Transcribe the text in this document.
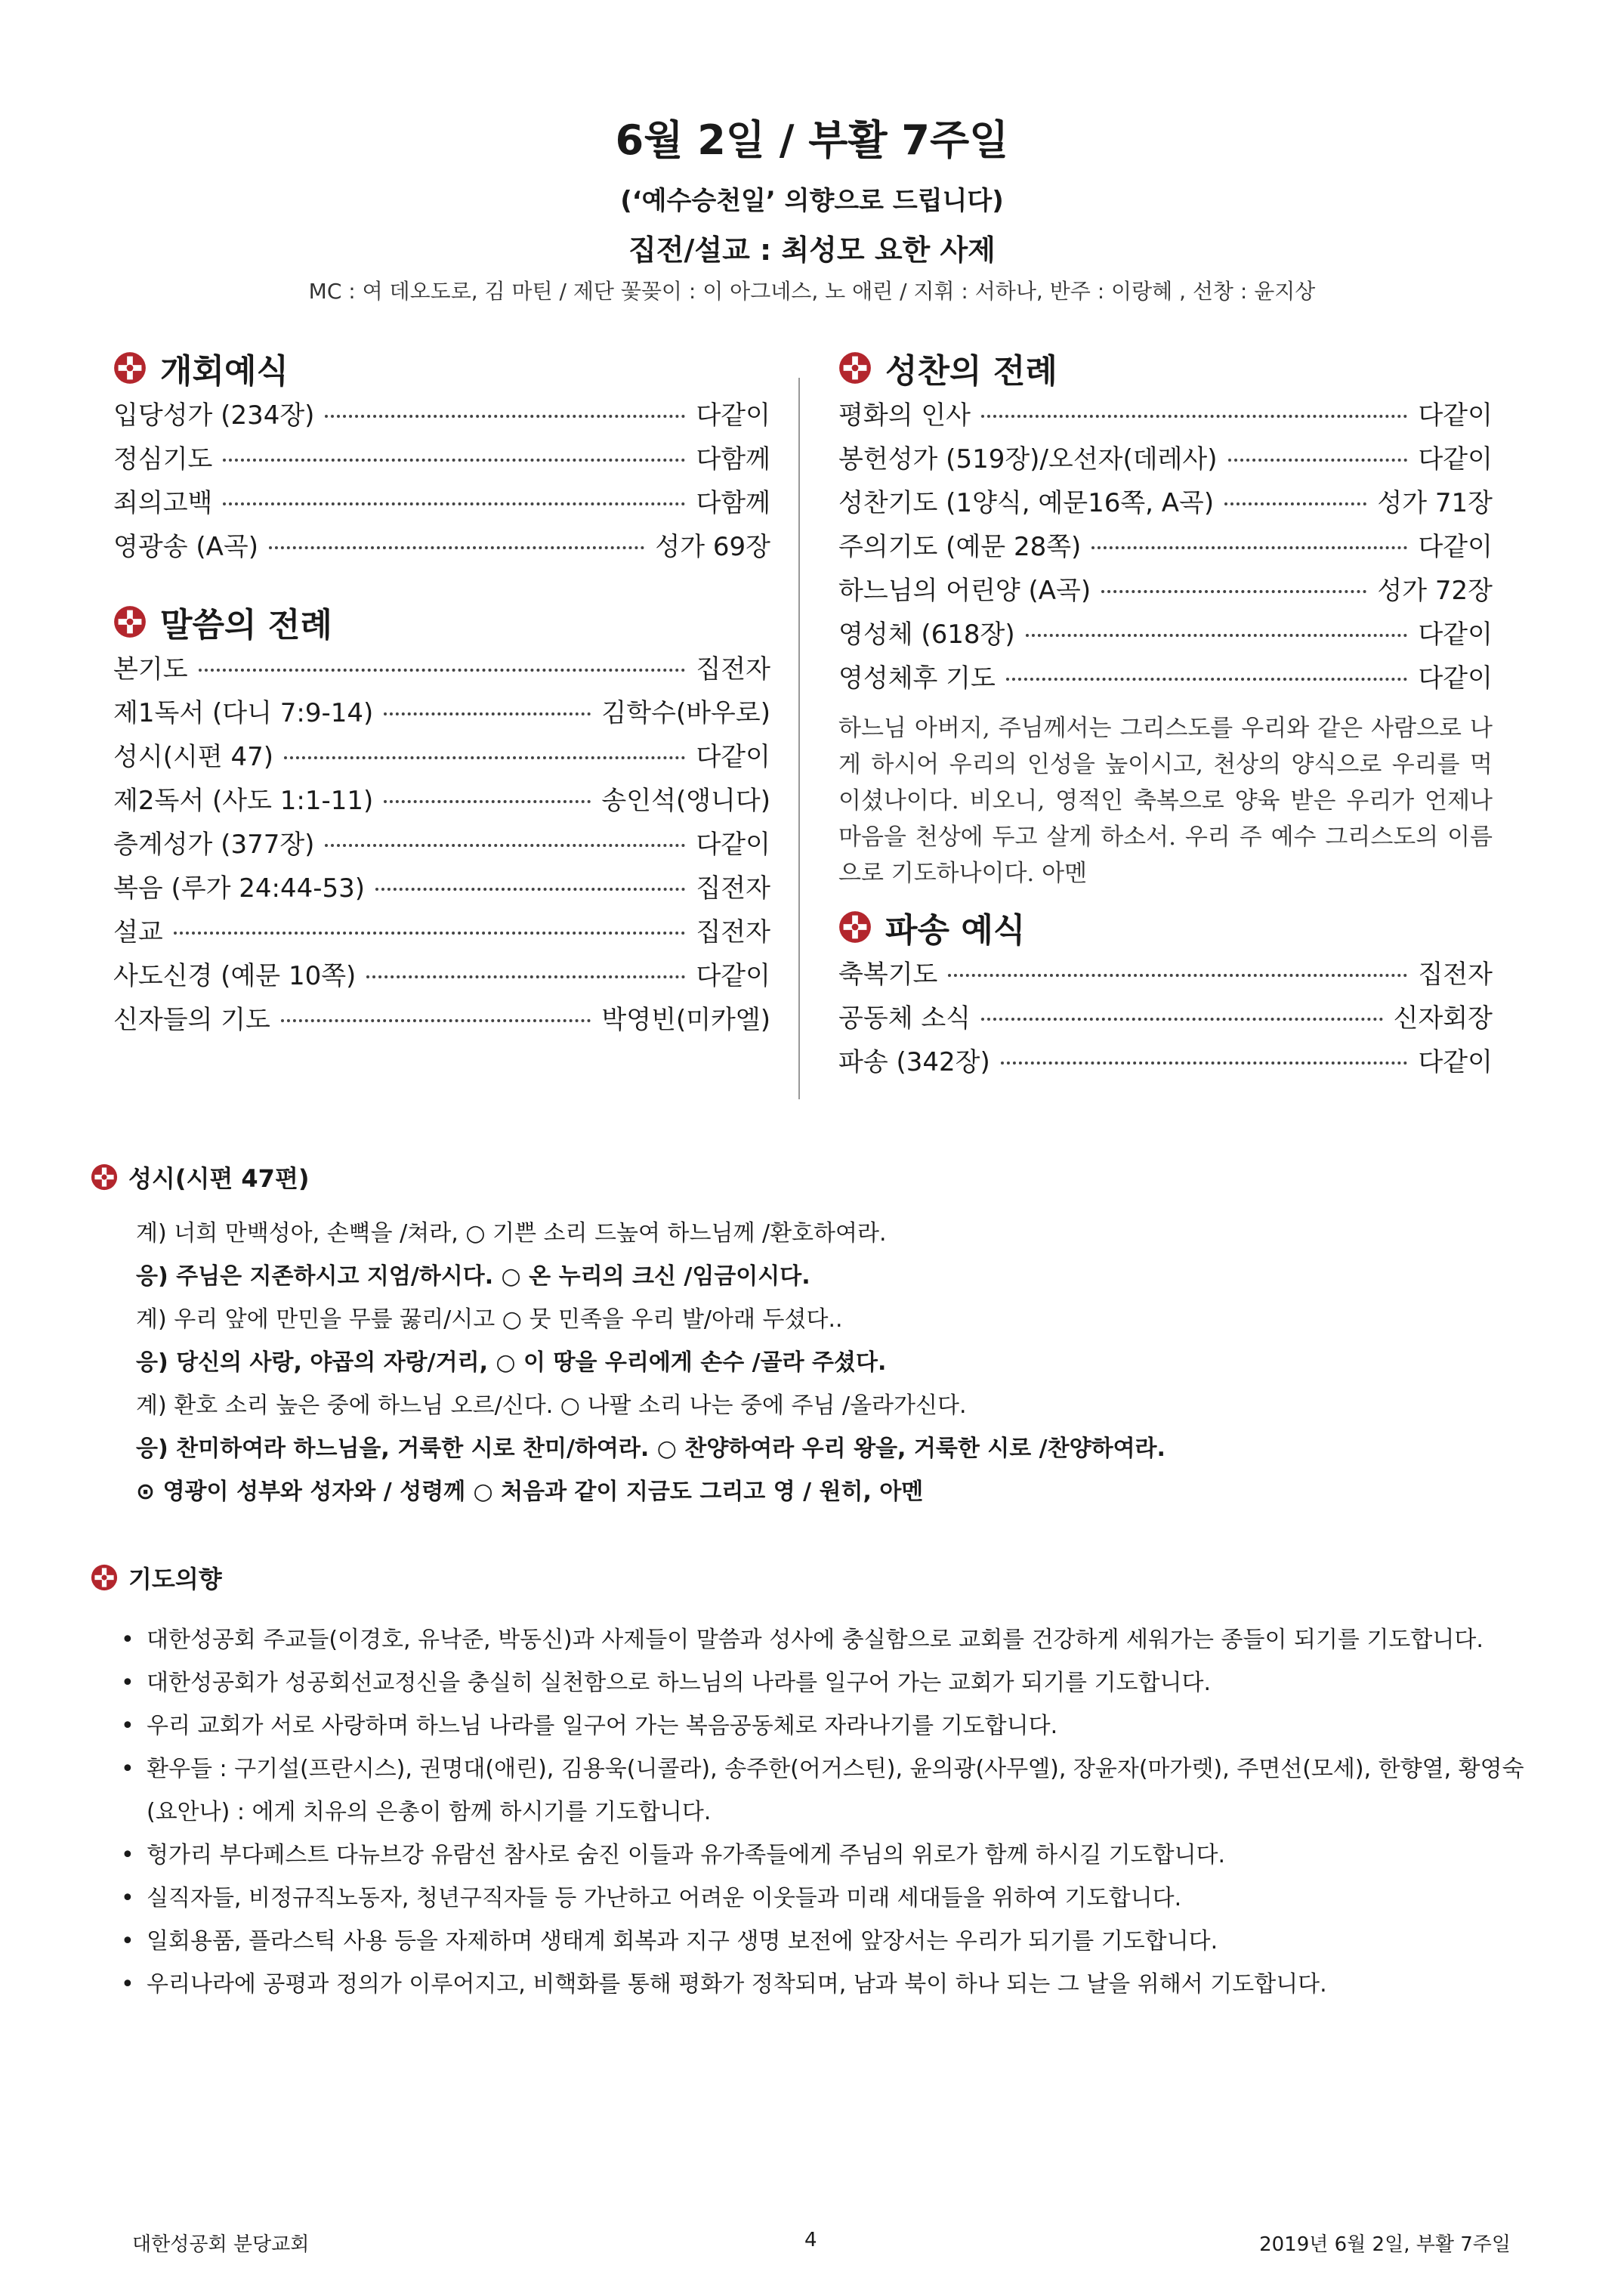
6월 2일 / 부활 7주일
(‘예수승천일’ 의향으로 드립니다)
집전/설교 : 최성모 요한 사제
MC : 여 데오도로, 김 마틴 / 제단 꽃꽂이 : 이 아그네스, 노 애린 / 지휘 : 서하나, 반주 : 이랑혜 , 선창 : 윤지상
개회예식
입당성가 (234장)	다같이
정심기도	다함께
죄의고백	다함께
영광송 (A곡)	성가 69장
말씀의 전례
본기도	집전자
제1독서 (다니 7:9-14)	김학수(바우로)
성시(시편 47)	다같이
제2독서 (사도 1:1-11)	송인석(앵니다)
층계성가 (377장)	다같이
복음 (루가 24:44-53)	집전자
설교	집전자
사도신경 (예문 10쪽)	다같이
신자들의 기도	박영빈(미카엘)
성찬의 전례
평화의 인사	다같이
봉헌성가 (519장)/오선자(데레사)	다같이
성찬기도 (1양식, 예문16쪽, A곡)	성가 71장
주의기도 (예문 28쪽)	다같이
하느님의 어린양 (A곡)	성가 72장
영성체 (618장)	다같이
영성체후 기도	다같이
하느님 아버지, 주님께서는 그리스도를 우리와 같은 사람으로 나게 하시어 우리의 인성을 높이시고, 천상의 양식으로 우리를 먹이셨나이다. 비오니, 영적인 축복으로 양육 받은 우리가 언제나 마음을 천상에 두고 살게 하소서. 우리 주 예수 그리스도의 이름으로 기도하나이다. 아멘
파송 예식
축복기도	집전자
공동체 소식	신자회장
파송 (342장)	다같이
성시(시편 47편)
계) 너희 만백성아, 손뼉을 /쳐라, ○ 기쁜 소리 드높여 하느님께 /환호하여라.
응) 주님은 지존하시고 지엄/하시다. ○ 온 누리의 크신 /임금이시다.
계) 우리 앞에 만민을 무릎 꿇리/시고 ○ 뭇 민족을 우리 발/아래 두셨다..
응) 당신의 사랑, 야곱의 자랑/거리, ○ 이 땅을 우리에게 손수 /골라 주셨다.
계) 환호 소리 높은 중에 하느님 오르/신다. ○ 나팔 소리 나는 중에 주님 /올라가신다.
응) 찬미하여라 하느님을, 거룩한 시로 찬미/하여라. ○ 찬양하여라 우리 왕을, 거룩한 시로 /찬양하여라.
⊙ 영광이 성부와 성자와 / 성령께 ○ 처음과 같이 지금도 그리고 영 / 원히, 아멘
기도의향
• 대한성공회 주교들(이경호, 유낙준, 박동신)과 사제들이 말씀과 성사에 충실함으로 교회를 건강하게 세워가는 종들이 되기를 기도합니다.
• 대한성공회가 성공회선교정신을 충실히 실천함으로 하느님의 나라를 일구어 가는 교회가 되기를 기도합니다.
• 우리 교회가 서로 사랑하며 하느님 나라를 일구어 가는 복음공동체로 자라나기를 기도합니다.
• 환우들 : 구기설(프란시스), 권명대(애린), 김용욱(니콜라), 송주한(어거스틴), 윤의광(사무엘), 장윤자(마가렛), 주면선(모세), 한향열, 황영숙(요안나) : 에게 치유의 은총이 함께 하시기를 기도합니다.
• 헝가리 부다페스트 다뉴브강 유람선 참사로 숨진 이들과 유가족들에게 주님의 위로가 함께 하시길 기도합니다.
• 실직자들, 비정규직노동자, 청년구직자들 등 가난하고 어려운 이웃들과 미래 세대들을 위하여 기도합니다.
• 일회용품, 플라스틱 사용 등을 자제하며 생태계 회복과 지구 생명 보전에 앞장서는 우리가 되기를 기도합니다.
• 우리나라에 공평과 정의가 이루어지고, 비핵화를 통해 평화가 정착되며, 남과 북이 하나 되는 그 날을 위해서 기도합니다.
대한성공회 분당교회	4	2019년 6월 2일, 부활 7주일
